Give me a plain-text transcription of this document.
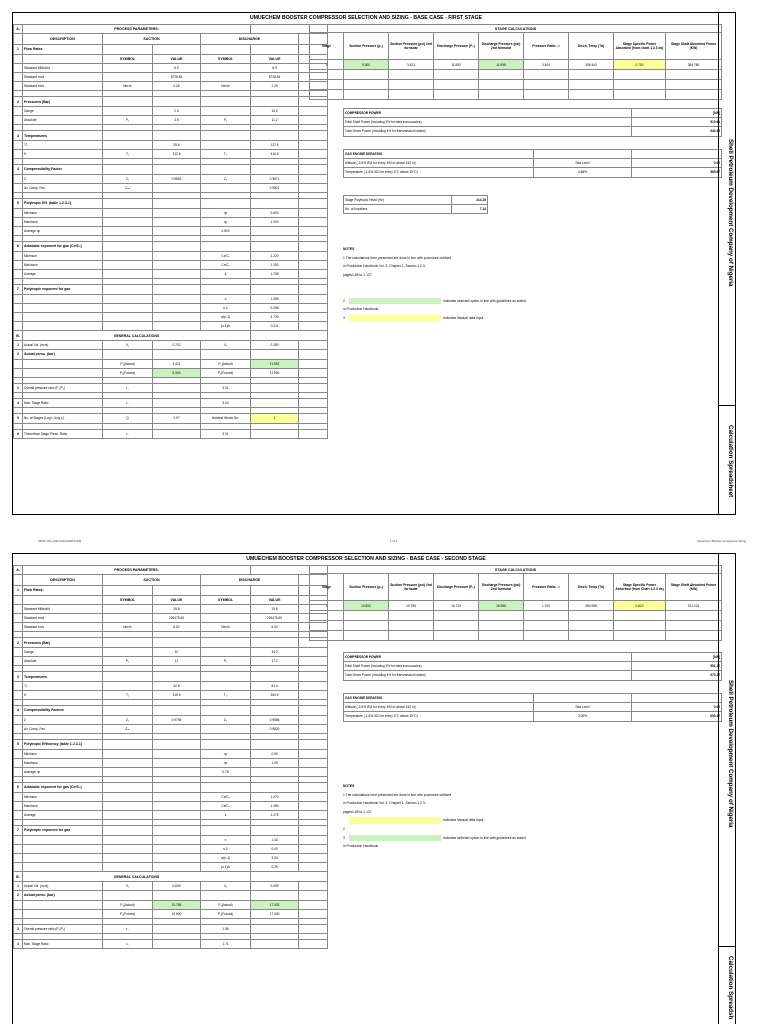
UMUECHEM BOOSTER COMPRESSOR SELECTION AND SIZING - BASE CASE - FIRST STAGE
A.	PROCESS PARAMETERS:					
	DESCRIPTION	SUCTION		DISCHARGE		
1	Flow Rates					
		SYMBOL	VALUE	SYMBOL	VALUE	
	Standard MMscf/d		6.9		6.9	
	Standard m³/d		8728.84		8728.84	
	Standard m³/s	Nm³/s	2.26	Nm³/s	2.26	

2	Pressures (Bar)					
	Gauge		2.5		10.2	
	Absolute	P₁	3.5	P₂	11.2	

3	Temperatures					
	°C		39.6		137.6	
	K	T₁	312.6	T₂	410.6	

4	Compressibility Factor					
	Z	Z₁	0.9862	Z₂	0.9871	
	Av. Comp. Fac	Zₐᵥ			0.9821	

5	Polytropic Eff. (table 1.2.3-1)					
	Minimum			ηᴘ	0.600	
	Maximum			ηᴘ	1.000	
	Average ηᴘ			0.800		

6	Adiabatic exponent for gas (Cᴘ/Cᵥ)					
	Minimum			Cᴘ/Cᵥ	1.220	
	Maximum			Cᴘ/Cᵥ	1.250	
	Average			k	1.235	

7	Polytropic exponent for gas					
				n	1.296	
				n-1	0.296	
				n/(n-1)	4.730	
				(n-1)/n	0.211	
B.	GENERAL CALCULATIONS					
1	Actual Vol. (m³/s)	V₁	0.702	V₂	0.280	
2	Actual press. (bar)					
		P₁(Actual)	3.431	P₂(Actual)	11.992	
		P₁(Forced)	5.300	P₂(Forced)	11.990	

3	Overall pressure ratio (P₂/P₁)	r₀		3.01		

4	Max. Stage Ratio	rₛ		3.04		

5	No. of Stages (Log r₀/Log rₛ)	Q	0.97	Nearest Whole No.	1	

6	Theoretical Stage Press. Ratio	rₛ		3.01		
STAGE CALCULATIONS								
Stage	Suction Pressure (p₁)	Suction Pressure (psi) 2nd formular	Discharge Pressure (P₂)	Discharge Pressure (psi) 2nd formular	Pressure Ratio - r	Disch. Temp (Td)	Stage Specific Power Absorbed (from chart 1.2.3 ds)	Stage Shaft Absorbed Power (KW)
1	5.300	3.431	11.992	11.998	3.404	306.442	0.750	384.780

COMPRESSOR POWER	[kW]
Total Shaft Power (Including 5% for data inaccuracies)	519.61
Total Driver Power (Including 4% for transmission losses)	540.39

GAS ENGINE DERATING		
Altitude (-3.6% ISO for every 300 m above 150 m)	Sea Level	0.00
Temperature (-1.6% ISO for every 5°C above 30°C)	4.68%	565.67
Stage Polytropic Head (Hᴘ)	214.29
No. of Impellers	7.14
NOTES
1 The calculations here presented are done in line with procedure outlined
in Production Handbook Vol. 9, Chapter 1, Section 1.2.3;
pages1-89 to 1-137.
2	Indicates selected option in line with guidelines as stated
in Production Handbook.
3	Indicates Manual data input.
Shell Petroleum Development Company of Nigeria
Calculation Spreadsheet
SPDC-UTL-2111-0010-0008-0-009	1 of 2	Umuechem Booster Compressor Sizing
UMUECHEM BOOSTER COMPRESSOR SELECTION AND SIZING - BASE CASE - SECOND STAGE
A.	PROCESS PARAMETERS:					
	DESCRIPTION	SUCTION		DISCHARGE		
1	Flow Rates:					
		SYMBOL	VALUE	SYMBOL	VALUE	
	Standard MMscf/d		19.8		19.8	
	Standard m³/d		226475.60		226475.60	
	Standard m³/s	Nm³/s	6.52	Nm³/s	6.52	

2	Pressures (Bar)					
	Gauge		10		16.2	
	Absolute	P₁	11	P₂	17.2	

3	Temperatures					
	°C		42.8		81.4	
	K	T₁	315.9	T₂	354.5	

4	Compressibility Factors					
	Z	Z₁	0.9755	Z₂	0.9886	
	Av. Comp. Fac	Zₐᵥ			0.9820	

5	Polytropic Efficiency (table 1.2.3-1)					
	Minimum			ηᴘ	0.50	
	Maximum			ηᴘ	1.00	
	Average ηᴘ			0.75		

6	Adiabatic exponent for gas (Cᴘ/Cᵥ)					
	Minimum			Cᴘ/Cᵥ	1.270	
	Maximum			Cᴘ/Cᵥ	1.280	
	Average			k	1.275	

7	Polytropic exponent for gas					
				n	1.43	
				n-1	0.43	
				n/(n-1)	3.33	
				(n-1)/n	0.29	
B.	GENERAL CALCULATIONS					
1	Actual Vol. (m³/s)	V₁	0.839	V₂	0.499	
2	Actual press. (bar)					
		P₁(Actual)	10.785	P₂(Actual)	17.002	
		P₁(Forced)	10.800	P₂(Forced)	17.000	

3	Overall pressure ratio (P₂/P₁)	r₀		1.56		

4	Max. Stage Ratio	rₛ		1.71		
STAGE CALCULATIONS								
Stage	Suction Pressure (p₁)	Suction Pressure (psi) 2nd formular	Discharge Pressure (P₂)	Discharge Pressure (psi) 2nd formular	Pressure Ratio - r	Disch. Temp (Td)	Stage Specific Power Absorbed (from Chart 1.2.3 ds)	Stage Shaft Absorbed Power (KW)
1	10.800	10.785	16.720	16.986	1.700	380.958	0.820	321.101

COMPRESSOR POWER	[kW]
Total Shaft Power (Including 5% for data inaccuracies)	551.17
Total Driver Power (Including 4% for transmission losses)	573.22

GAS ENGINE DERATING		
Altitude (-3.6% ISO for every 300 m above 150 m)	Sea Level	0.00
Temperature (-1.6% ISO for every 5°C above 30°C)	3.05%	600.47
NOTES
1 The calculations here presented are done in line with procedure outlined
in Production Handbook Vol. 9, Chapter 1, Section 1.2.3;
pages1-89 to 1-137.
Indicates Manual data input.
2
3	Indicates selected option in line with guidelines as stated
in Production Handbook.
Shell Petroleum Development Company of Nigeria
Calculation Spreadsh
